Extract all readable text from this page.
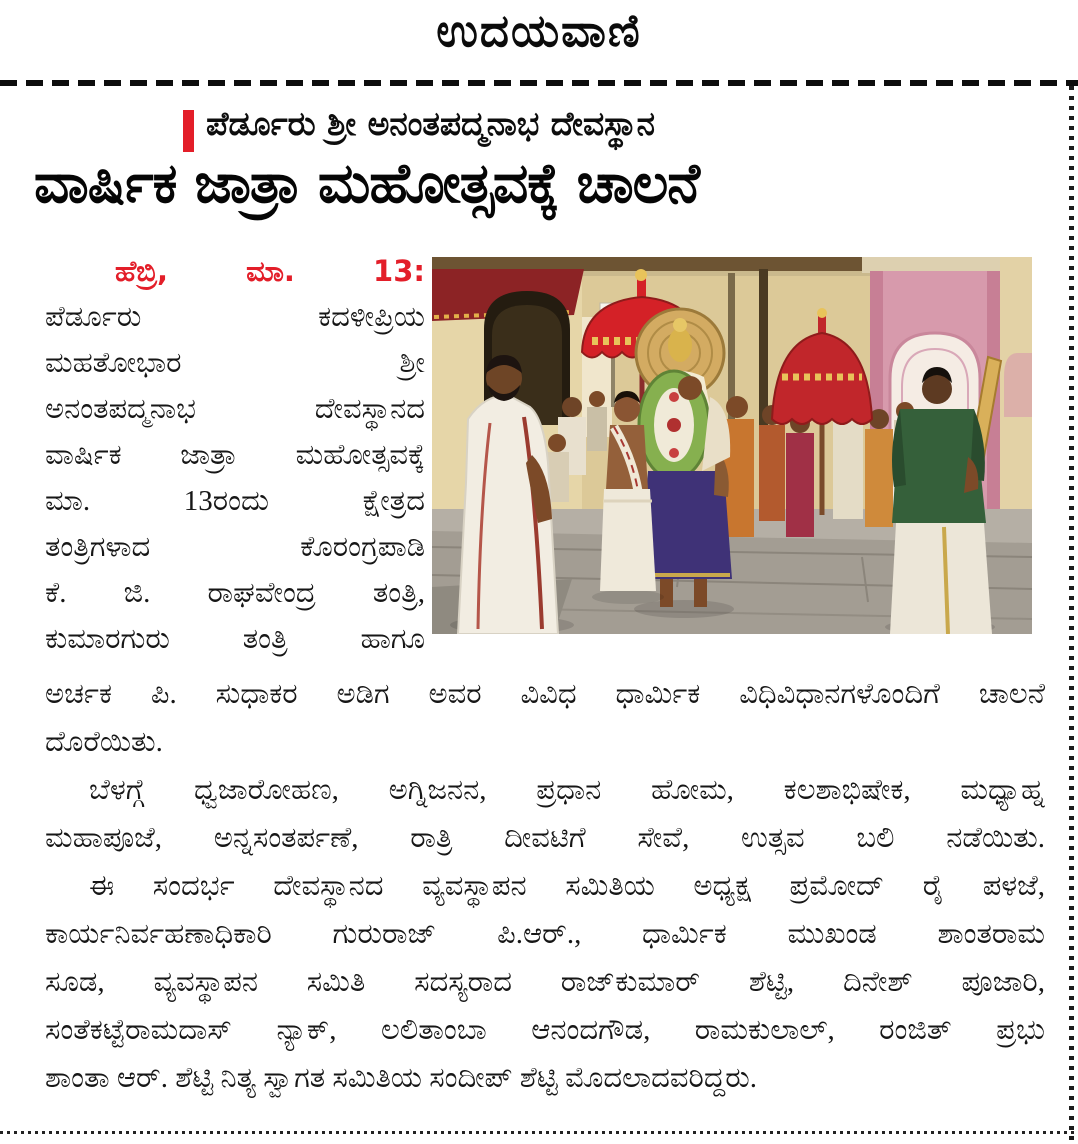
ಉದಯವಾಣಿ
ಪೆರ್ಡೂರು ಶ್ರೀ ಅನಂತಪದ್ಮನಾಭ ದೇವಸ್ಥಾನ
ವಾರ್ಷಿಕ ಜಾತ್ರಾ ಮಹೋತ್ಸವಕ್ಕೆ ಚಾಲನೆ
ಹೆಬ್ರಿ, ಮಾ. 13:
ಪೆರ್ಡೂರು ಕದಳೀಪ್ರಿಯ
ಮಹತೋಭಾರ ಶ್ರೀ
ಅನಂತಪದ್ಮನಾಭ ದೇವಸ್ಥಾನದ
ವಾರ್ಷಿಕ ಜಾತ್ರಾ ಮಹೋತ್ಸವಕ್ಕೆ
ಮಾ. 13ರಂದು ಕ್ಷೇತ್ರದ
ತಂತ್ರಿಗಳಾದ ಕೊರಂಗ್ರಪಾಡಿ
ಕೆ. ಜಿ. ರಾಘವೇಂದ್ರ ತಂತ್ರಿ,
ಕುಮಾರಗುರು ತಂತ್ರಿ ಹಾಗೂ
ಅರ್ಚಕ ಪಿ. ಸುಧಾಕರ ಅಡಿಗ ಅವರ ವಿವಿಧ ಧಾರ್ಮಿಕ ವಿಧಿವಿಧಾನಗಳೊಂದಿಗೆ ಚಾಲನೆ
ದೊರೆಯಿತು.
ಬೆಳಗ್ಗೆ ಧ್ವಜಾರೋಹಣ, ಅಗ್ನಿಜನನ, ಪ್ರಧಾನ ಹೋಮ, ಕಲಶಾಭಿಷೇಕ, ಮಧ್ಯಾಹ್ನ
ಮಹಾಪೂಜೆ, ಅನ್ನಸಂತರ್ಪಣೆ, ರಾತ್ರಿ ದೀವಟಿಗೆ ಸೇವೆ, ಉತ್ಸವ ಬಲಿ ನಡೆಯಿತು.
ಈ ಸಂದರ್ಭ ದೇವಸ್ಥಾನದ ವ್ಯವಸ್ಥಾಪನ ಸಮಿತಿಯ ಅಧ್ಯಕ್ಷ ಪ್ರಮೋದ್ ರೈ ಪಳಜೆ,
ಕಾರ್ಯನಿರ್ವಹಣಾಧಿಕಾರಿ ಗುರುರಾಜ್ ಪಿ.ಆರ್., ಧಾರ್ಮಿಕ ಮುಖಂಡ ಶಾಂತರಾಮ
ಸೂಡ, ವ್ಯವಸ್ಥಾಪನ ಸಮಿತಿ ಸದಸ್ಯರಾದ ರಾಜ್‌ಕುಮಾರ್ ಶೆಟ್ಟಿ, ದಿನೇಶ್ ಪೂಜಾರಿ,
ಸಂತೆಕಟ್ಟೆರಾಮದಾಸ್ ನ್ಯಾಕ್, ಲಲಿತಾಂಬಾ ಆನಂದಗೌಡ, ರಾಮಕುಲಾಲ್, ರಂಜಿತ್ ಪ್ರಭು
ಶಾಂತಾ ಆರ್. ಶೆಟ್ಟಿ ನಿತ್ಯ ಸ್ವಾಗತ ಸಮಿತಿಯ ಸಂದೀಪ್ ಶೆಟ್ಟಿ ಮೊದಲಾದವರಿದ್ದರು.
